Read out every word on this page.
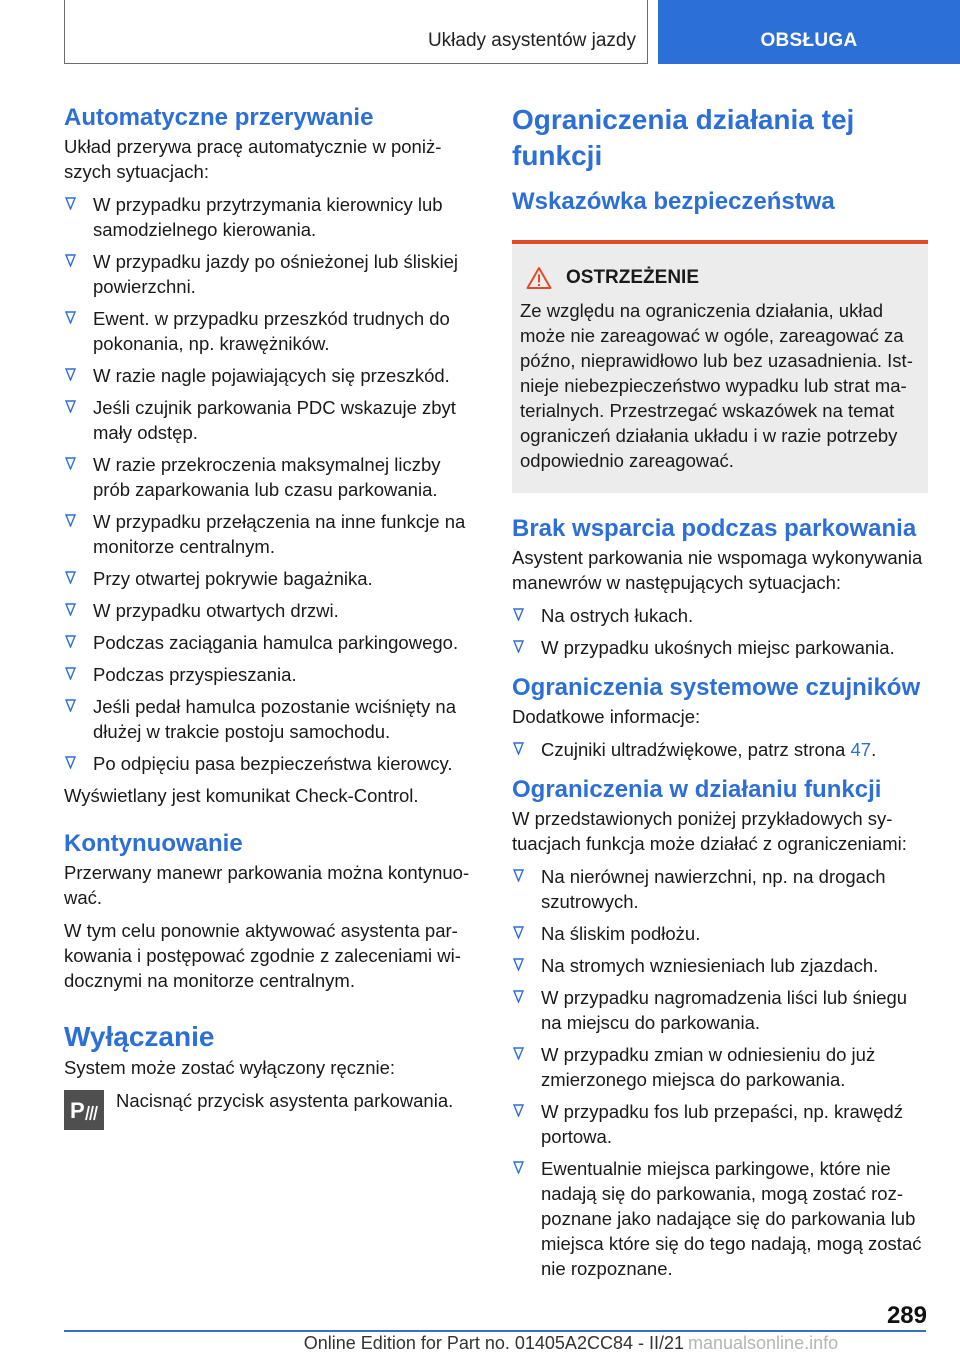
Układy asystentów jazdy	OBSŁUGA
Automatyczne przerywanie
Układ przerywa pracę automatycznie w poniższych sytuacjach:
W przypadku przytrzymania kierownicy lub samodzielnego kierowania.
W przypadku jazdy po ośnieżonej lub śliskiej powierzchni.
Ewent. w przypadku przeszkód trudnych do pokonania, np. krawężników.
W razie nagle pojawiających się przeszkód.
Jeśli czujnik parkowania PDC wskazuje zbyt mały odstęp.
W razie przekroczenia maksymalnej liczby prób zaparkowania lub czasu parkowania.
W przypadku przełączenia na inne funkcje na monitorze centralnym.
Przy otwartej pokrywie bagażnika.
W przypadku otwartych drzwi.
Podczas zaciągania hamulca parkingowego.
Podczas przyspieszania.
Jeśli pedał hamulca pozostanie wciśnięty na dłużej w trakcie postoju samochodu.
Po odpięciu pasa bezpieczeństwa kierowcy.
Wyświetlany jest komunikat Check-Control.
Kontynuowanie
Przerwany manewr parkowania można kontynuować.
W tym celu ponownie aktywować asystenta parkowania i postępować zgodnie z zaleceniami widocznymi na monitorze centralnym.
Wyłączanie
System może zostać wyłączony ręcznie:
P Nacisnąć przycisk asystenta parkowania.
Ograniczenia działania tej funkcji
Wskazówka bezpieczeństwa
OSTRZEŻENIE
Ze względu na ograniczenia działania, układ może nie zareagować w ogóle, zareagować za późno, nieprawidłowo lub bez uzasadnienia. Istnieje niebezpieczeństwo wypadku lub strat materialnych. Przestrzegać wskazówek na temat ograniczeń działania układu i w razie potrzeby odpowiednio zareagować.
Brak wsparcia podczas parkowania
Asystent parkowania nie wspomaga wykonywania manewrów w następujących sytuacjach:
Na ostrych łukach.
W przypadku ukośnych miejsc parkowania.
Ograniczenia systemowe czujników
Dodatkowe informacje:
Czujniki ultradźwiękowe, patrz strona 47.
Ograniczenia w działaniu funkcji
W przedstawionych poniżej przykładowych sytuacjach funkcja może działać z ograniczeniami:
Na nierównej nawierzchni, np. na drogach szutrowych.
Na śliskim podłożu.
Na stromych wzniesieniach lub zjazdach.
W przypadku nagromadzenia liści lub śniegu na miejscu do parkowania.
W przypadku zmian w odniesieniu do już zmierzonego miejsca do parkowania.
W przypadku fos lub przepaści, np. krawędź portowa.
Ewentualnie miejsca parkingowe, które nie nadają się do parkowania, mogą zostać rozpoznane jako nadające się do parkowania lub miejsca które się do tego nadają, mogą zostać nie rozpoznane.
289
Online Edition for Part no. 01405A2CC84 - II/21 manualsonline.info
